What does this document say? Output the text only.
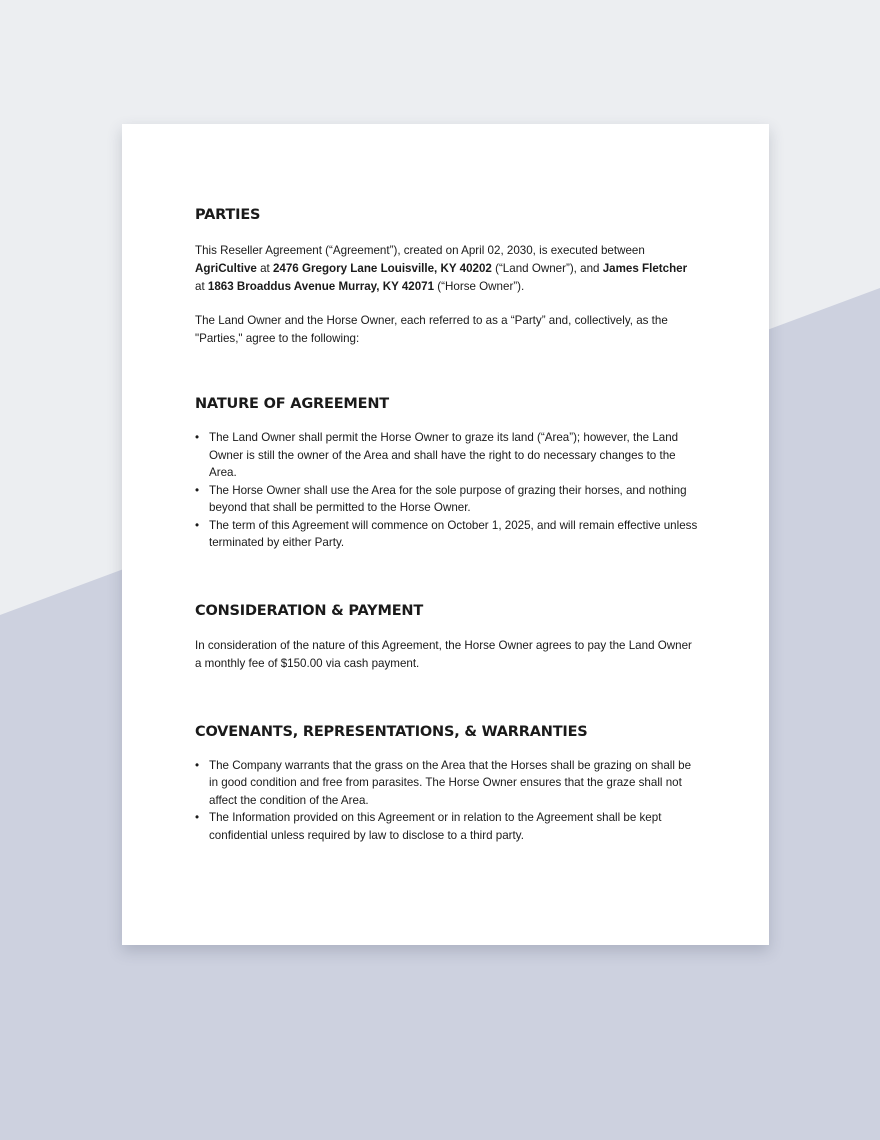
PARTIES

This Reseller Agreement (“Agreement”), created on April 02, 2030, is executed between AgriCultive at 2476 Gregory Lane Louisville, KY 40202 (“Land Owner”), and James Fletcher at 1863 Broaddus Avenue Murray, KY 42071 (“Horse Owner”).

The Land Owner and the Horse Owner, each referred to as a “Party” and, collectively, as the "Parties," agree to the following:

NATURE OF AGREEMENT
• The Land Owner shall permit the Horse Owner to graze its land (“Area”); however, the Land Owner is still the owner of the Area and shall have the right to do necessary changes to the Area.
• The Horse Owner shall use the Area for the sole purpose of grazing their horses, and nothing beyond that shall be permitted to the Horse Owner.
• The term of this Agreement will commence on October 1, 2025, and will remain effective unless terminated by either Party.
CONSIDERATION & PAYMENT

In consideration of the nature of this Agreement, the Horse Owner agrees to pay the Land Owner a monthly fee of $150.00 via cash payment.

COVENANTS, REPRESENTATIONS, & WARRANTIES
• The Company warrants that the grass on the Area that the Horses shall be grazing on shall be in good condition and free from parasites. The Horse Owner ensures that the graze shall not affect the condition of the Area.
• The Information provided on this Agreement or in relation to the Agreement shall be kept confidential unless required by law to disclose to a third party.
